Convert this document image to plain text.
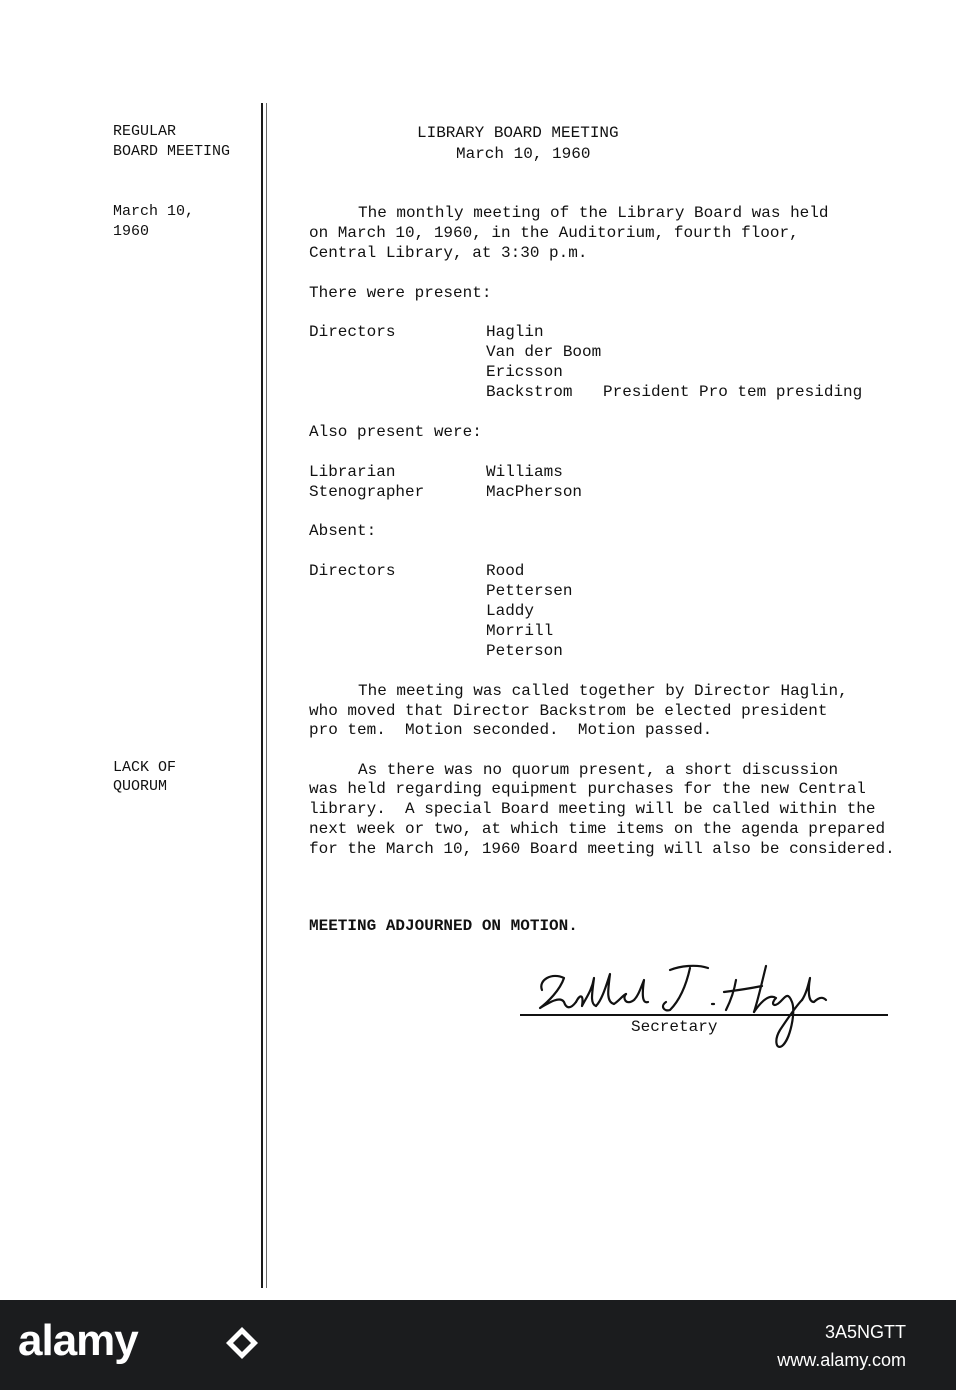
REGULAR
BOARD MEETING
March 10,
1960
LACK OF
QUORUM
LIBRARY BOARD MEETING
March 10, 1960
The monthly meeting of the Library Board was held
on March 10, 1960, in the Auditorium, fourth floor,
Central Library, at 3:30 p.m.
There were present:
Directors	Haglin
Van der Boom
Ericsson
Backstrom President Pro tem presiding
Also present were:
Librarian	Williams
Stenographer	MacPherson
Absent:
Directors	Rood
Pettersen
Laddy
Morrill
Peterson
The meeting was called together by Director Haglin,
who moved that Director Backstrom be elected president
pro tem.  Motion seconded.  Motion passed.
As there was no quorum present, a short discussion
was held regarding equipment purchases for the new Central
library.  A special Board meeting will be called within the
next week or two, at which time items on the agenda prepared
for the March 10, 1960 Board meeting will also be considered.
MEETING ADJOURNED ON MOTION.
Secretary
alamy	3A5NGTT
www.alamy.com
